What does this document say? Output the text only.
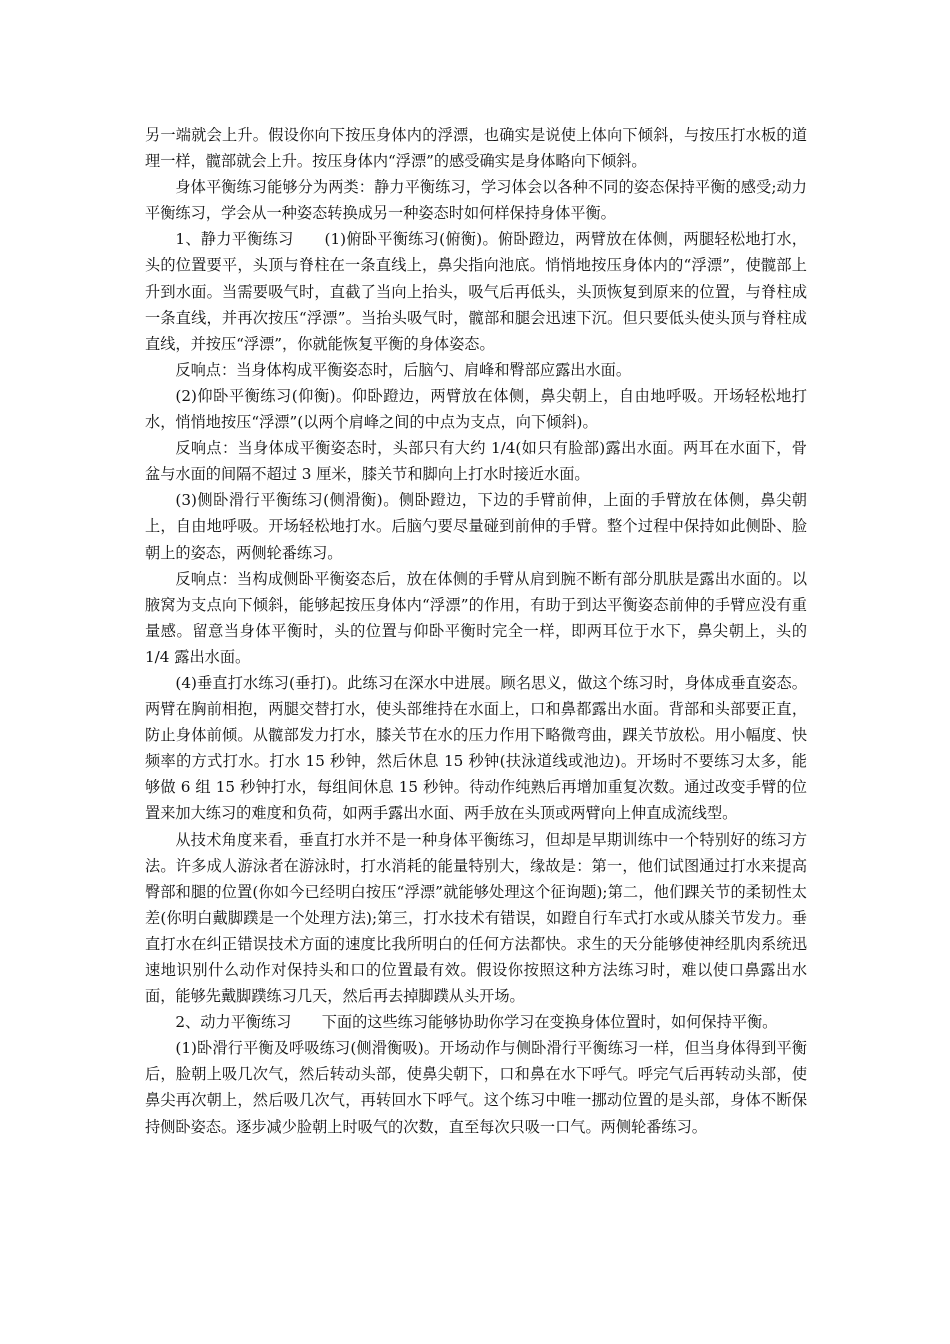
另一端就会上升。假设你向下按压身体内的浮漂，也确实是说使上体向下倾斜，与按压打水板的道理一样，髋部就会上升。按压身体内“浮漂”的感受确实是身体略向下倾斜。

身体平衡练习能够分为两类：静力平衡练习，学习体会以各种不同的姿态保持平衡的感受;动力平衡练习，学会从一种姿态转换成另一种姿态时如何样保持身体平衡。

1、静力平衡练习　　(1)俯卧平衡练习(俯衡)。俯卧蹬边，两臂放在体侧，两腿轻松地打水，头的位置要平，头顶与脊柱在一条直线上，鼻尖指向池底。悄悄地按压身体内的“浮漂”，使髋部上升到水面。当需要吸气时，直截了当向上抬头，吸气后再低头，头顶恢复到原来的位置，与脊柱成一条直线，并再次按压“浮漂”。当抬头吸气时，髋部和腿会迅速下沉。但只要低头使头顶与脊柱成直线，并按压“浮漂”，你就能恢复平衡的身体姿态。

反响点：当身体构成平衡姿态时，后脑勺、肩峰和臀部应露出水面。

(2)仰卧平衡练习(仰衡)。仰卧蹬边，两臂放在体侧，鼻尖朝上，自由地呼吸。开场轻松地打水，悄悄地按压“浮漂”(以两个肩峰之间的中点为支点，向下倾斜)。

反响点：当身体成平衡姿态时，头部只有大约 1/4(如只有脸部)露出水面。两耳在水面下，骨盆与水面的间隔不超过 3 厘米，膝关节和脚向上打水时接近水面。

(3)侧卧滑行平衡练习(侧滑衡)。侧卧蹬边，下边的手臂前伸，上面的手臂放在体侧，鼻尖朝上，自由地呼吸。开场轻松地打水。后脑勺要尽量碰到前伸的手臂。整个过程中保持如此侧卧、脸朝上的姿态，两侧轮番练习。

反响点：当构成侧卧平衡姿态后，放在体侧的手臂从肩到腕不断有部分肌肤是露出水面的。以腋窝为支点向下倾斜，能够起按压身体内“浮漂”的作用，有助于到达平衡姿态前伸的手臂应没有重量感。留意当身体平衡时，头的位置与仰卧平衡时完全一样，即两耳位于水下，鼻尖朝上，头的 1/4 露出水面。

(4)垂直打水练习(垂打)。此练习在深水中进展。顾名思义，做这个练习时，身体成垂直姿态。两臂在胸前相抱，两腿交替打水，使头部维持在水面上，口和鼻都露出水面。背部和头部要正直，防止身体前倾。从髋部发力打水，膝关节在水的压力作用下略微弯曲，踝关节放松。用小幅度、快频率的方式打水。打水 15 秒钟，然后休息 15 秒钟(扶泳道线或池边)。开场时不要练习太多，能够做 6 组 15 秒钟打水，每组间休息 15 秒钟。待动作纯熟后再增加重复次数。通过改变手臂的位置来加大练习的难度和负荷，如两手露出水面、两手放在头顶或两臂向上伸直成流线型。

从技术角度来看，垂直打水并不是一种身体平衡练习，但却是早期训练中一个特别好的练习方法。许多成人游泳者在游泳时，打水消耗的能量特别大，缘故是：第一，他们试图通过打水来提高臀部和腿的位置(你如今已经明白按压“浮漂”就能够处理这个征询题);第二，他们踝关节的柔韧性太差(你明白戴脚蹼是一个处理方法);第三，打水技术有错误，如蹬自行车式打水或从膝关节发力。垂直打水在纠正错误技术方面的速度比我所明白的任何方法都快。求生的天分能够使神经肌肉系统迅速地识别什么动作对保持头和口的位置最有效。假设你按照这种方法练习时，难以使口鼻露出水面，能够先戴脚蹼练习几天，然后再去掉脚蹼从头开场。

2、动力平衡练习　　下面的这些练习能够协助你学习在变换身体位置时，如何保持平衡。

(1)卧滑行平衡及呼吸练习(侧滑衡吸)。开场动作与侧卧滑行平衡练习一样，但当身体得到平衡后，脸朝上吸几次气，然后转动头部，使鼻尖朝下，口和鼻在水下呼气。呼完气后再转动头部，使鼻尖再次朝上，然后吸几次气，再转回水下呼气。这个练习中唯一挪动位置的是头部，身体不断保持侧卧姿态。逐步减少脸朝上时吸气的次数，直至每次只吸一口气。两侧轮番练习。
